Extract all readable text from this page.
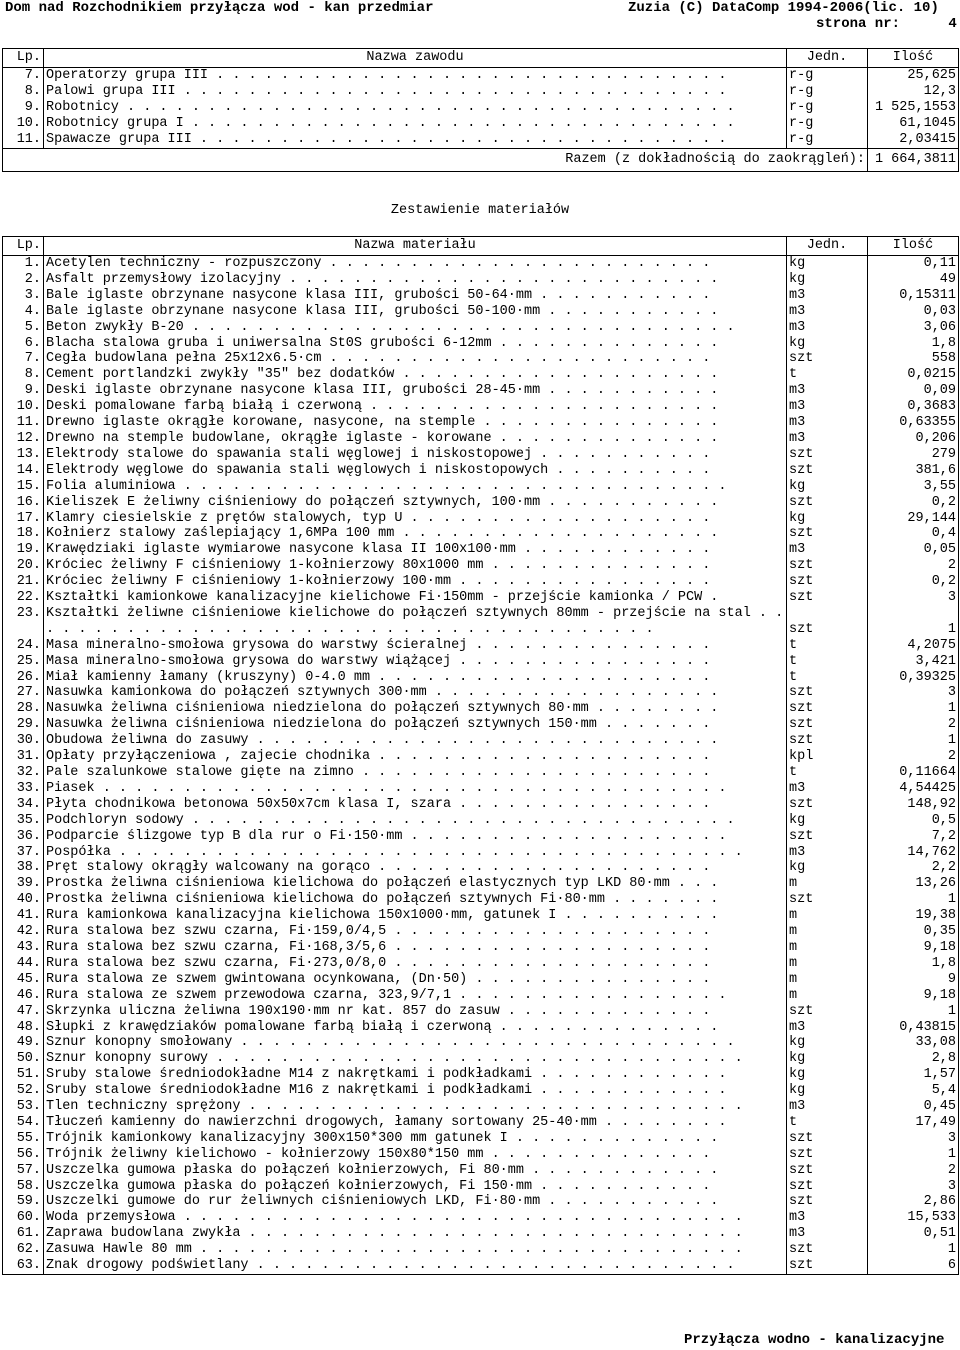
Dom nad Rozchodnikiem przyłącza wod - kan przedmiar	Zuzia (C) DataComp 1994-2006(lic. 10)
strona nr:	4
Lp.	Nazwa zawodu	Jedn.	Ilość
7.	Operatorzy grupa III . . . . . . . . . . . . . . . . . . . . . . . . . . . . . . . .	r-g	25,625
8.	Palowi grupa III . . . . . . . . . . . . . . . . . . . . . . . . . . . . . . . . . .	r-g	12,3
9.	Robotnicy . . . . . . . . . . . . . . . . . . . . . . . . . . . . . . . . . . . . . .	r-g	1 525,1553
10.	Robotnicy grupa I . . . . . . . . . . . . . . . . . . . . . . . . . . . . . . . . . .	r-g	61,1045
11.	Spawacze grupa III . . . . . . . . . . . . . . . . . . . . . . . . . . . . . . . . .	r-g	2,03415
Razem (z dokładnością do zaokrągleń):			1 664,3811
Zestawienie materiałów
Lp.	Nazwa materiału	Jedn.	Ilość
1.	Acetylen techniczny - rozpuszczony . . . . . . . . . . . . . . . . . . . . . . . .	kg	0,11
2.	Asfalt przemysłowy izolacyjny . . . . . . . . . . . . . . . . . . . . . . . . . . .	kg	49
3.	Bale iglaste obrzynane nasycone klasa III, grubości 50-64·mm . . . . . . . . . . .	m3	0,15311
4.	Bale iglaste obrzynane nasycone klasa III, grubości 50-100·mm . . . . . . . . . . .	m3	0,03
5.	Beton zwykły B-20 . . . . . . . . . . . . . . . . . . . . . . . . . . . . . . . . . .	m3	3,06
6.	Blacha stalowa gruba i uniwersalna St0S grubości 6-12mm . . . . . . . . . . . . . .	kg	1,8
7.	Cegła budowlana pełna 25x12x6.5·cm . . . . . . . . . . . . . . . . . . . . . . . .	szt	558
8.	Cement portlandzki zwykły "35" bez dodatków . . . . . . . . . . . . . . . . . . . .	t	0,0215
9.	Deski iglaste obrzynane nasycone klasa III, grubości 28-45·mm . . . . . . . . . . .	m3	0,09
10.	Deski pomalowane farbą białą i czerwoną . . . . . . . . . . . . . . . . . . . . . .	m3	0,3683
11.	Drewno iglaste okrągłe korowane, nasycone, na stemple . . . . . . . . . . . . . . .	m3	0,63355
12.	Drewno na stemple budowlane, okrągłe iglaste - korowane . . . . . . . . . . . . . .	m3	0,206
13.	Elektrody stalowe do spawania stali węglowej i niskostopowej . . . . . . . . . . .	szt	279
14.	Elektrody węglowe do spawania stali węglowych i niskostopowych . . . . . . . . . .	szt	381,6
15.	Folia aluminiowa . . . . . . . . . . . . . . . . . . . . . . . . . . . . . . . . . .	kg	3,55
16.	Kieliszek E żeliwny ciśnieniowy do połączeń sztywnych, 100·mm . . . . . . . . . . .	szt	0,2
17.	Klamry ciesielskie z prętów stalowych, typ U . . . . . . . . . . . . . . . . . . .	kg	29,144
18.	Kołnierz stalowy zaślepiający 1,6MPa 100 mm . . . . . . . . . . . . . . . . . . . .	szt	0,4
19.	Krawędziaki iglaste wymiarowe nasycone klasa II 100x100·mm . . . . . . . . . . . .	m3	0,05
20.	Króciec żeliwny F ciśnieniowy 1-kołnierzowy 80x1000 mm . . . . . . . . . . . . . .	szt	2
21.	Króciec żeliwny F ciśnieniowy 1-kołnierzowy 100·mm . . . . . . . . . . . . . . . .	szt	0,2
22.	Kształtki kamionkowe kanalizacyjne kielichowe Fi·150mm - przejście kamionka / PCW .	szt	3
23.	Kształtki żeliwne ciśnieniowe kielichowe do połączeń sztywnych 80mm - przejście na stal . . . . . . . . . . . . . . . . . . . . . . . . . . . . . . . . . . . . . . . .	szt	1
24.	Masa mineralno-smołowa grysowa do warstwy ścieralnej . . . . . . . . . . . . . . .	t	4,2075
25.	Masa mineralno-smołowa grysowa do warstwy wiążącej . . . . . . . . . . . . . . . .	t	3,421
26.	Miał kamienny łamany (kruszyny) 0-4.0 mm . . . . . . . . . . . . . . . . . . . . .	t	0,39325
27.	Nasuwka kamionkowa do połączeń sztywnych 300·mm . . . . . . . . . . . . . . . . . .	szt	3
28.	Nasuwka żeliwna ciśnieniowa niedzielona do połączeń sztywnych 80·mm . . . . . . . .	szt	1
29.	Nasuwka żeliwna ciśnieniowa niedzielona do połączeń sztywnych 150·mm . . . . . . .	szt	2
30.	Obudowa żeliwna do zasuwy . . . . . . . . . . . . . . . . . . . . . . . . . . . . .	szt	1
31.	Opłaty przyłączeniowa , zajecie chodnika . . . . . . . . . . . . . . . . . . . . .	kpl	2
32.	Pale szalunkowe stalowe gięte na zimno . . . . . . . . . . . . . . . . . . . . . .	t	0,11664
33.	Piasek . . . . . . . . . . . . . . . . . . . . . . . . . . . . . . . . . . . . . . .	m3	4,54425
34.	Płyta chodnikowa betonowa 50x50x7cm klasa I, szara . . . . . . . . . . . . . . . .	szt	148,92
35.	Podchloryn sodowy . . . . . . . . . . . . . . . . . . . . . . . . . . . . . . . . . .	kg	0,5
36.	Podparcie ślizgowe typ B dla rur o Fi·150·mm . . . . . . . . . . . . . . . . . . . .	szt	7,2
37.	Pospółka . . . . . . . . . . . . . . . . . . . . . . . . . . . . . . . . . . . . . . .	m3	14,762
38.	Pręt stalowy okrągły walcowany na gorąco . . . . . . . . . . . . . . . . . . . . .	kg	2,2
39.	Prostka żeliwna ciśnieniowa kielichowa do połączeń elastycznych typ LKD 80·mm . . .	m	13,26
40.	Prostka żeliwna ciśnieniowa kielichowa do połączeń sztywnych Fi·80·mm . . . . . . .	szt	1
41.	Rura kamionkowa kanalizacyjna kielichowa 150x1000·mm, gatunek I . . . . . . . . . .	m	19,38
42.	Rura stalowa bez szwu czarna, Fi·159,0/4,5 . . . . . . . . . . . . . . . . . . . .	m	0,35
43.	Rura stalowa bez szwu czarna, Fi·168,3/5,6 . . . . . . . . . . . . . . . . . . . .	m	9,18
44.	Rura stalowa bez szwu czarna, Fi·273,0/8,0 . . . . . . . . . . . . . . . . . . . .	m	1,8
45.	Rura stalowa ze szwem gwintowana ocynkowana, (Dn·50) . . . . . . . . . . . . . . .	m	9
46.	Rura stalowa ze szwem przewodowa czarna, 323,9/7,1 . . . . . . . . . . . . . . . . .	m	9,18
47.	Skrzynka uliczna żeliwna 190x190·mm nr kat. 857 do zasuw . . . . . . . . . . . . .	szt	1
48.	Słupki z krawędziaków pomalowane farbą białą i czerwoną . . . . . . . . . . . . . .	m3	0,43815
49.	Sznur konopny smołowany . . . . . . . . . . . . . . . . . . . . . . . . . . . . . . .	kg	33,08
50.	Sznur konopny surowy . . . . . . . . . . . . . . . . . . . . . . . . . . . . . . . . .	kg	2,8
51.	Śruby stalowe średniodokładne M14 z nakrętkami i podkładkami . . . . . . . . . . . .	kg	1,57
52.	Śruby stalowe średniodokładne M16 z nakrętkami i podkładkami . . . . . . . . . . . .	kg	5,4
53.	Tlen techniczny sprężony . . . . . . . . . . . . . . . . . . . . . . . . . . . . . . .	m3	0,45
54.	Tłuczeń kamienny do nawierzchni drogowych, łamany sortowany 25-40·mm . . . . . . . .	t	17,49
55.	Trójnik kamionkowy kanalizacyjny 300x150*300 mm gatunek I . . . . . . . . . . . . .	szt	3
56.	Trójnik żeliwny kielichowo - kołnierzowy 150x80*150 mm . . . . . . . . . . . . . .	szt	1
57.	Uszczelka gumowa płaska do połączeń kołnierzowych, Fi 80·mm . . . . . . . . . . . .	szt	2
58.	Uszczelka gumowa płaska do połączeń kołnierzowych, Fi 150·mm . . . . . . . . . . .	szt	3
59.	Uszczelki gumowe do rur żeliwnych ciśnieniowych LKD, Fi·80·mm . . . . . . . . . . .	szt	2,86
60.	Woda przemysłowa . . . . . . . . . . . . . . . . . . . . . . . . . . . . . . . . . . .	m3	15,533
61.	Zaprawa budowlana zwykła . . . . . . . . . . . . . . . . . . . . . . . . . . . . . . .	m3	0,51
62.	Zasuwa Hawle 80 mm . . . . . . . . . . . . . . . . . . . . . . . . . . . . . . . . . .	szt	1
63.	Znak drogowy podświetlany . . . . . . . . . . . . . . . . . . . . . . . . . . . . . .	szt	6
Przyłącza wodno - kanalizacyjne
